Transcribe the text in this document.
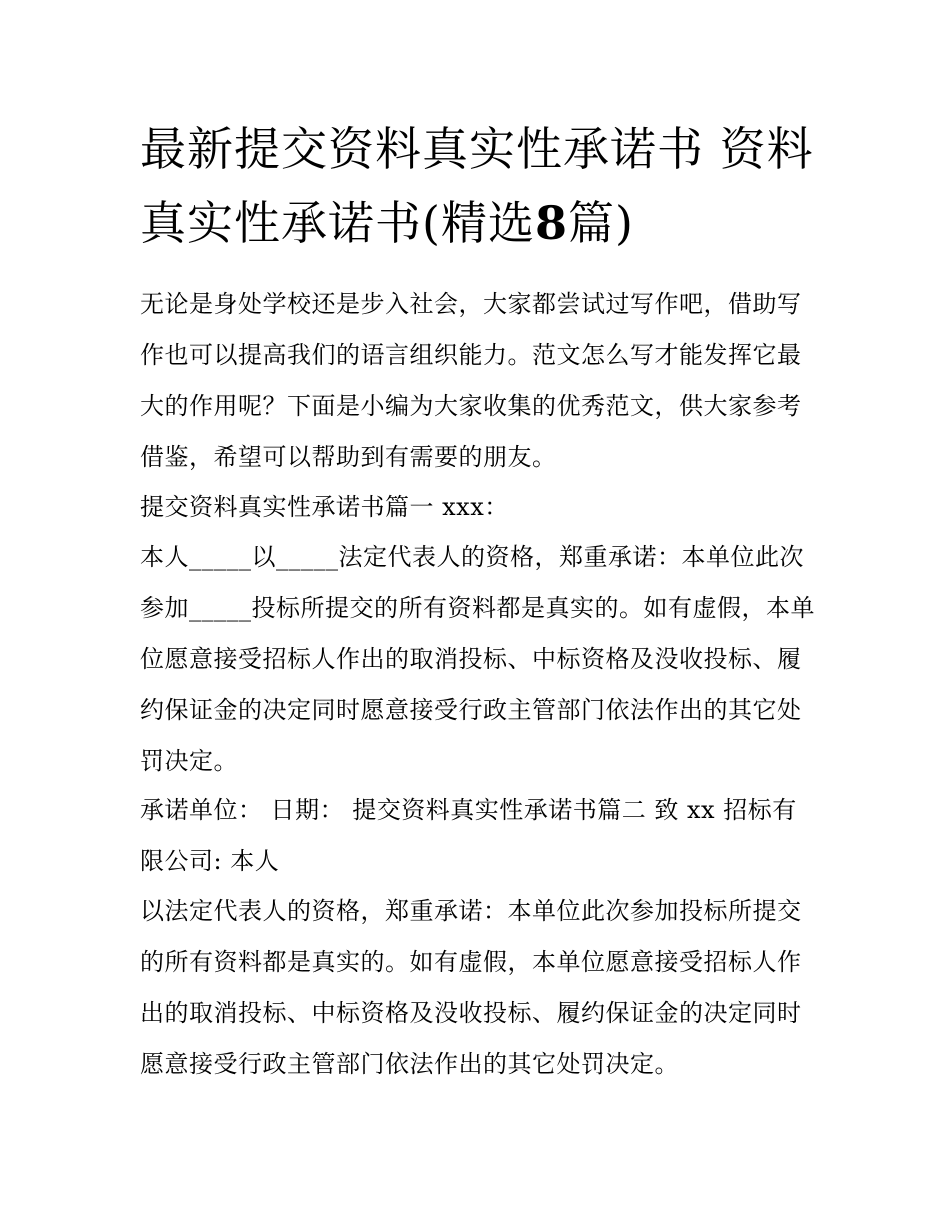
最新提交资料真实性承诺书 资料真实性承诺书(精选8篇)

无论是身处学校还是步入社会，大家都尝试过写作吧，借助写作也可以提高我们的语言组织能力。范文怎么写才能发挥它最大的作用呢？下面是小编为大家收集的优秀范文，供大家参考借鉴，希望可以帮助到有需要的朋友。

提交资料真实性承诺书篇一 xxx：

本人_____以_____法定代表人的资格，郑重承诺：本单位此次参加_____投标所提交的所有资料都是真实的。如有虚假，本单位愿意接受招标人作出的取消投标、中标资格及没收投标、履约保证金的决定同时愿意接受行政主管部门依法作出的其它处罚决定。

承诺单位： 日期： 提交资料真实性承诺书篇二 致 xx 招标有限公司: 本人

以法定代表人的资格，郑重承诺：本单位此次参加投标所提交的所有资料都是真实的。如有虚假，本单位愿意接受招标人作出的取消投标、中标资格及没收投标、履约保证金的决定同时愿意接受行政主管部门依法作出的其它处罚决定。
